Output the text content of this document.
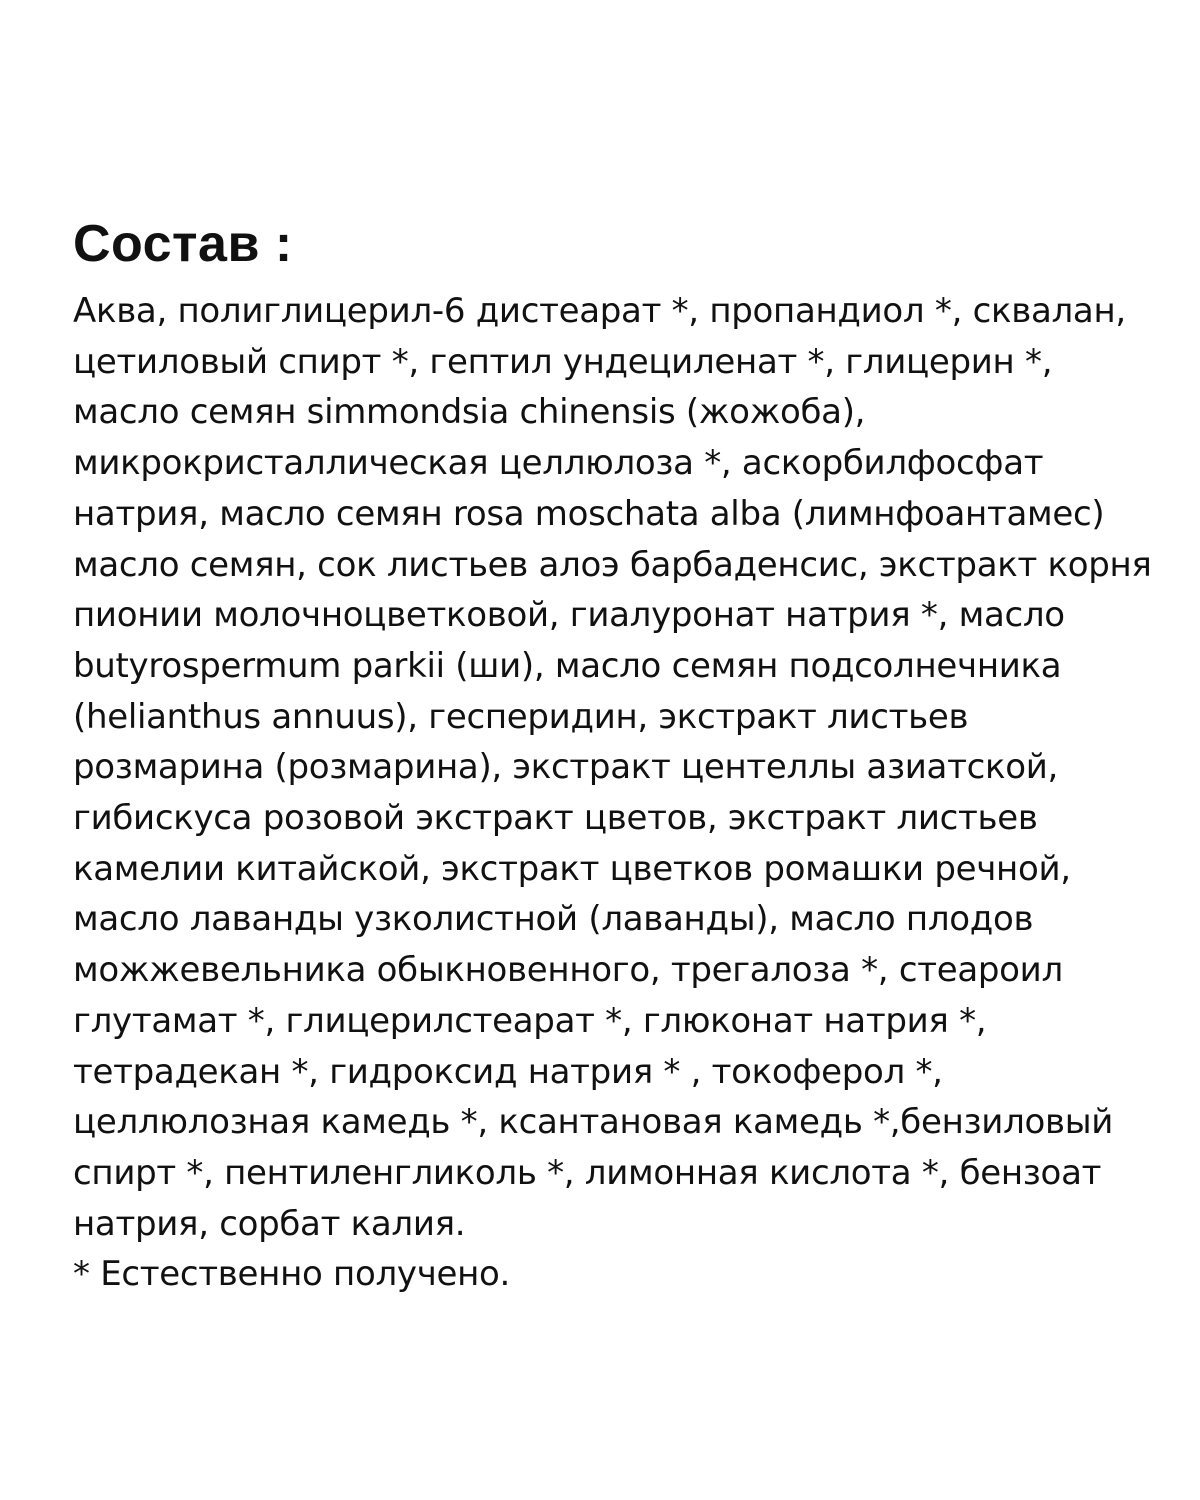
Состав :
Аква, полиглицерил-6 дистеарат *, пропандиол *, сквалан,
цетиловый спирт *, гептил ундециленат *, глицерин *,
масло семян simmondsia chinensis (жожоба),
микрокристаллическая целлюлоза *, аскорбилфосфат
натрия, масло семян rosa moschata alba (лимнфоантамес)
масло семян, сок листьев алоэ барбаденсис, экстракт корня
пионии молочноцветковой, гиалуронат натрия *, масло
butyrospermum parkii (ши), масло семян подсолнечника
(helianthus annuus), гесперидин, экстракт листьев
розмарина (розмарина), экстракт центеллы азиатской,
гибискуса розовой экстракт цветов, экстракт листьев
камелии китайской, экстракт цветков ромашки речной,
масло лаванды узколистной (лаванды), масло плодов
можжевельника обыкновенного, трегалоза *, стеароил
глутамат *, глицерилстеарат *, глюконат натрия *,
тетрадекан *, гидроксид натрия * , токоферол *,
целлюлозная камедь *, ксантановая камедь *,бензиловый
спирт *, пентиленгликоль *, лимонная кислота *, бензоат
натрия, сорбат калия.
* Естественно получено.
